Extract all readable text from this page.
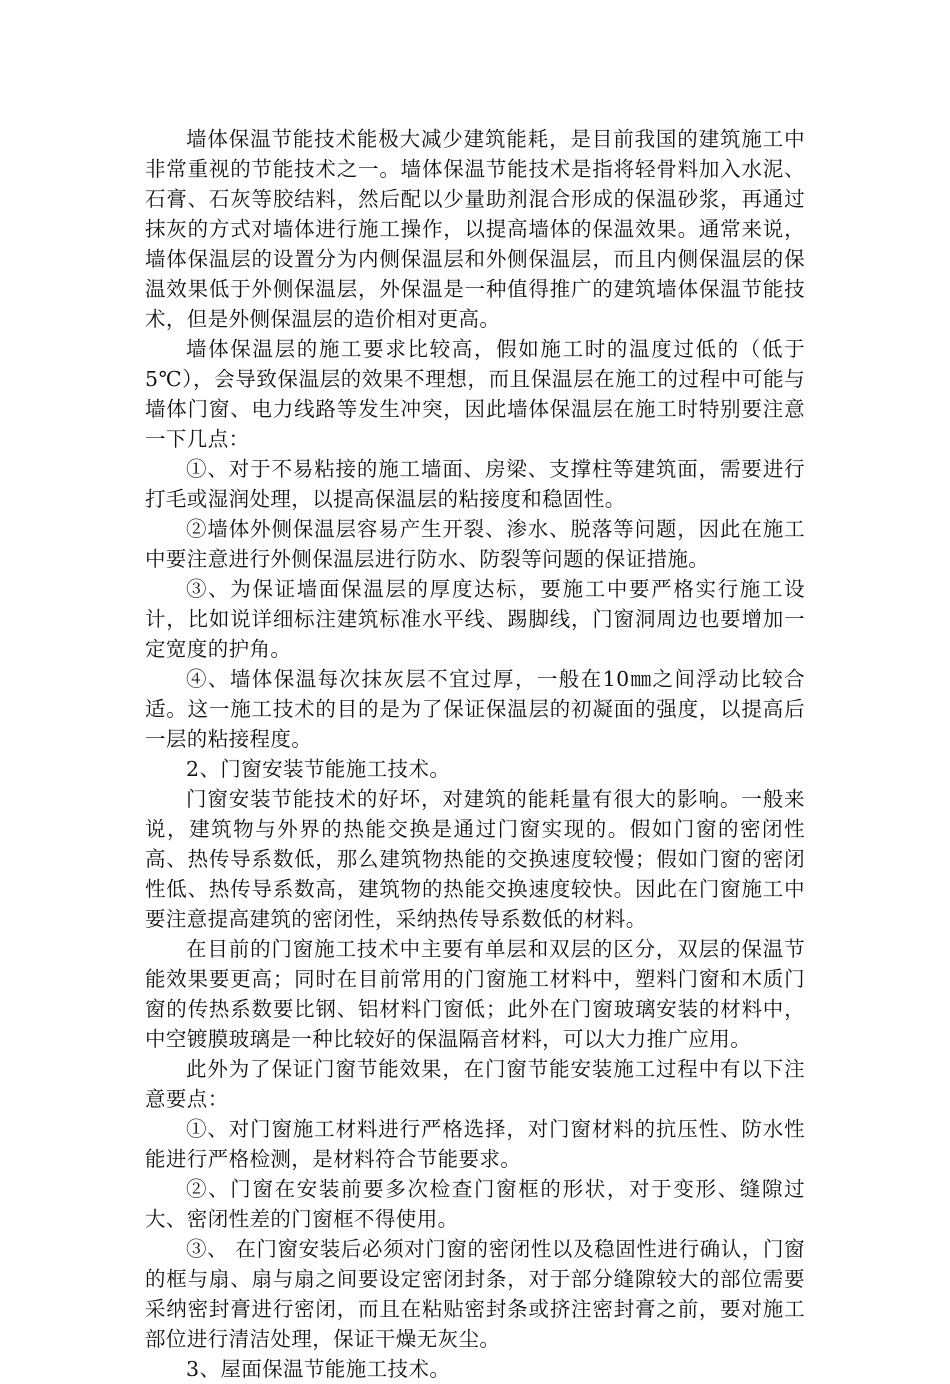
墙体保温节能技术能极大减少建筑能耗，是目前我国的建筑施工中非常重视的节能技术之一。墙体保温节能技术是指将轻骨料加入水泥、石膏、石灰等胶结料，然后配以少量助剂混合形成的保温砂浆，再通过抹灰的方式对墙体进行施工操作，以提高墙体的保温效果。通常来说，墙体保温层的设置分为内侧保温层和外侧保温层，而且内侧保温层的保温效果低于外侧保温层，外保温是一种值得推广的建筑墙体保温节能技术，但是外侧保温层的造价相对更高。

墙体保温层的施工要求比较高，假如施工时的温度过低的（低于5℃），会导致保温层的效果不理想，而且保温层在施工的过程中可能与墙体门窗、电力线路等发生冲突，因此墙体保温层在施工时特别要注意一下几点：

①、对于不易粘接的施工墙面、房梁、支撑柱等建筑面，需要进行打毛或湿润处理，以提高保温层的粘接度和稳固性。

②墙体外侧保温层容易产生开裂、渗水、脱落等问题，因此在施工中要注意进行外侧保温层进行防水、防裂等问题的保证措施。

③、为保证墙面保温层的厚度达标，要施工中要严格实行施工设计，比如说详细标注建筑标准水平线、踢脚线，门窗洞周边也要增加一定宽度的护角。

④、墙体保温每次抹灰层不宜过厚，一般在10㎜之间浮动比较合适。这一施工技术的目的是为了保证保温层的初凝面的强度，以提高后一层的粘接程度。

2、门窗安装节能施工技术。

门窗安装节能技术的好坏，对建筑的能耗量有很大的影响。一般来说，建筑物与外界的热能交换是通过门窗实现的。假如门窗的密闭性高、热传导系数低，那么建筑物热能的交换速度较慢；假如门窗的密闭性低、热传导系数高，建筑物的热能交换速度较快。因此在门窗施工中要注意提高建筑的密闭性，采纳热传导系数低的材料。

在目前的门窗施工技术中主要有单层和双层的区分，双层的保温节能效果要更高；同时在目前常用的门窗施工材料中，塑料门窗和木质门窗的传热系数要比钢、铝材料门窗低；此外在门窗玻璃安装的材料中，中空镀膜玻璃是一种比较好的保温隔音材料，可以大力推广应用。

此外为了保证门窗节能效果，在门窗节能安装施工过程中有以下注意要点：

①、对门窗施工材料进行严格选择，对门窗材料的抗压性、防水性能进行严格检测，是材料符合节能要求。

②、门窗在安装前要多次检查门窗框的形状，对于变形、缝隙过大、密闭性差的门窗框不得使用。

③、 在门窗安装后必须对门窗的密闭性以及稳固性进行确认，门窗的框与扇、扇与扇之间要设定密闭封条，对于部分缝隙较大的部位需要采纳密封膏进行密闭，而且在粘贴密封条或挤注密封膏之前，要对施工部位进行清洁处理，保证干燥无灰尘。

3、屋面保温节能施工技术。
